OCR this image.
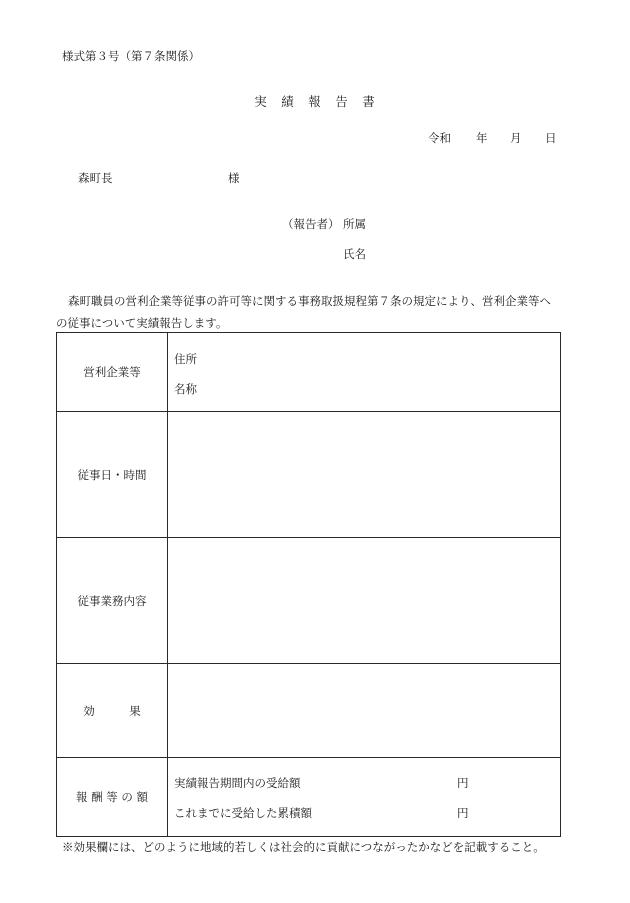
様式第３号（第７条関係）
実　績　報　告　書
令和 年 月 日
森町長	様
（報告者） 所属
氏名
森町職員の営利企業等従事の許可等に関する事務取扱規程第７条の規定により、営利企業等への従事について実績報告します。
営利企業等	住所
名称

従事日・時間	
従事業務内容	
効　　　果	
報 酬 等 の 額	実績報告期間内の受給額 円
これまでに受給した累積額 円
※効果欄には、どのように地域的若しくは社会的に貢献につながったかなどを記載すること。
